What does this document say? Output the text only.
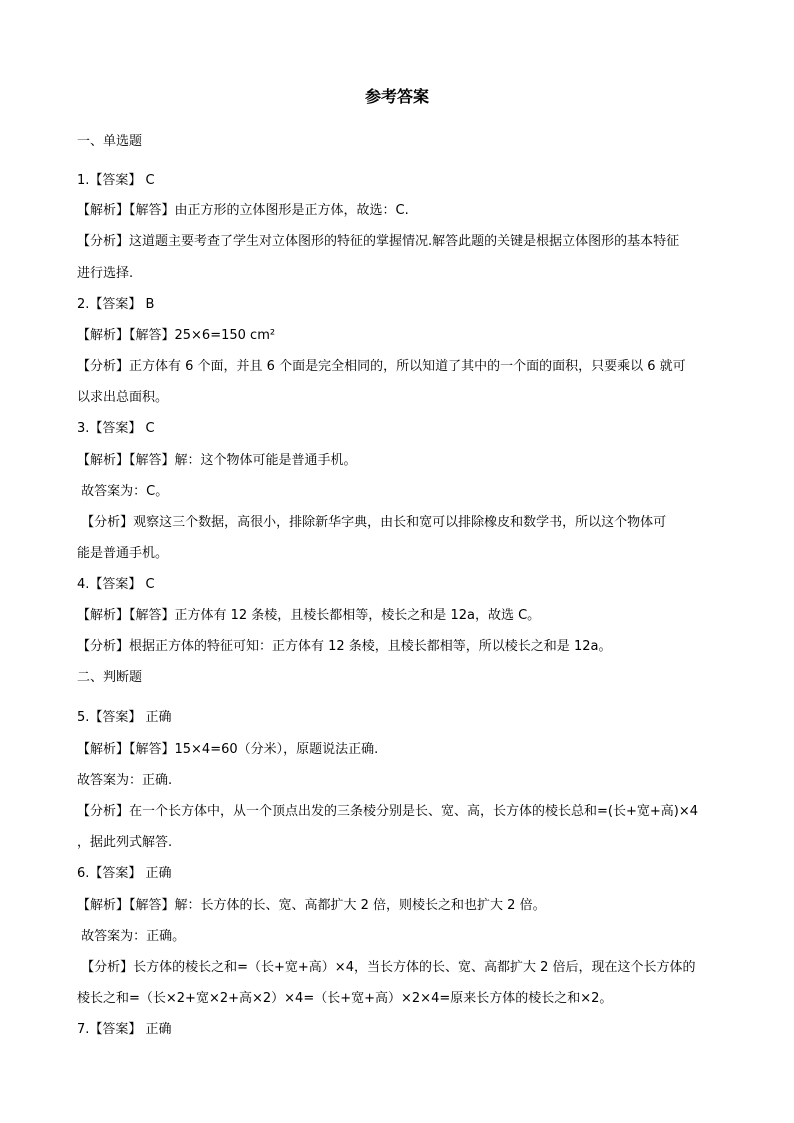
参考答案
一、单选题
1.【答案】 C
【解析】【解答】由正方形的立体图形是正方体，故选：C.
【分析】这道题主要考查了学生对立体图形的特征的掌握情况.解答此题的关键是根据立体图形的基本特征
进行选择.
2.【答案】 B
【解析】【解答】25×6=150 cm²
【分析】正方体有 6 个面，并且 6 个面是完全相同的，所以知道了其中的一个面的面积，只要乘以 6 就可
以求出总面积。
3.【答案】 C
【解析】【解答】解：这个物体可能是普通手机。
故答案为：C。
【分析】观察这三个数据，高很小，排除新华字典，由长和宽可以排除橡皮和数学书，所以这个物体可
能是普通手机。
4.【答案】 C
【解析】【解答】正方体有 12 条棱，且棱长都相等，棱长之和是 12a，故选 C。
【分析】根据正方体的特征可知：正方体有 12 条棱，且棱长都相等，所以棱长之和是 12a。
二、判断题
5.【答案】 正确
【解析】【解答】15×4=60（分米），原题说法正确.
故答案为：正确.
【分析】在一个长方体中，从一个顶点出发的三条棱分别是长、宽、高，长方体的棱长总和=(长+宽+高)×4
，据此列式解答.
6.【答案】 正确
【解析】【解答】解：长方体的长、宽、高都扩大 2 倍，则棱长之和也扩大 2 倍。
故答案为：正确。
【分析】长方体的棱长之和=（长+宽+高）×4，当长方体的长、宽、高都扩大 2 倍后，现在这个长方体的
棱长之和=（长×2+宽×2+高×2）×4=（长+宽+高）×2×4=原来长方体的棱长之和×2。
7.【答案】 正确
